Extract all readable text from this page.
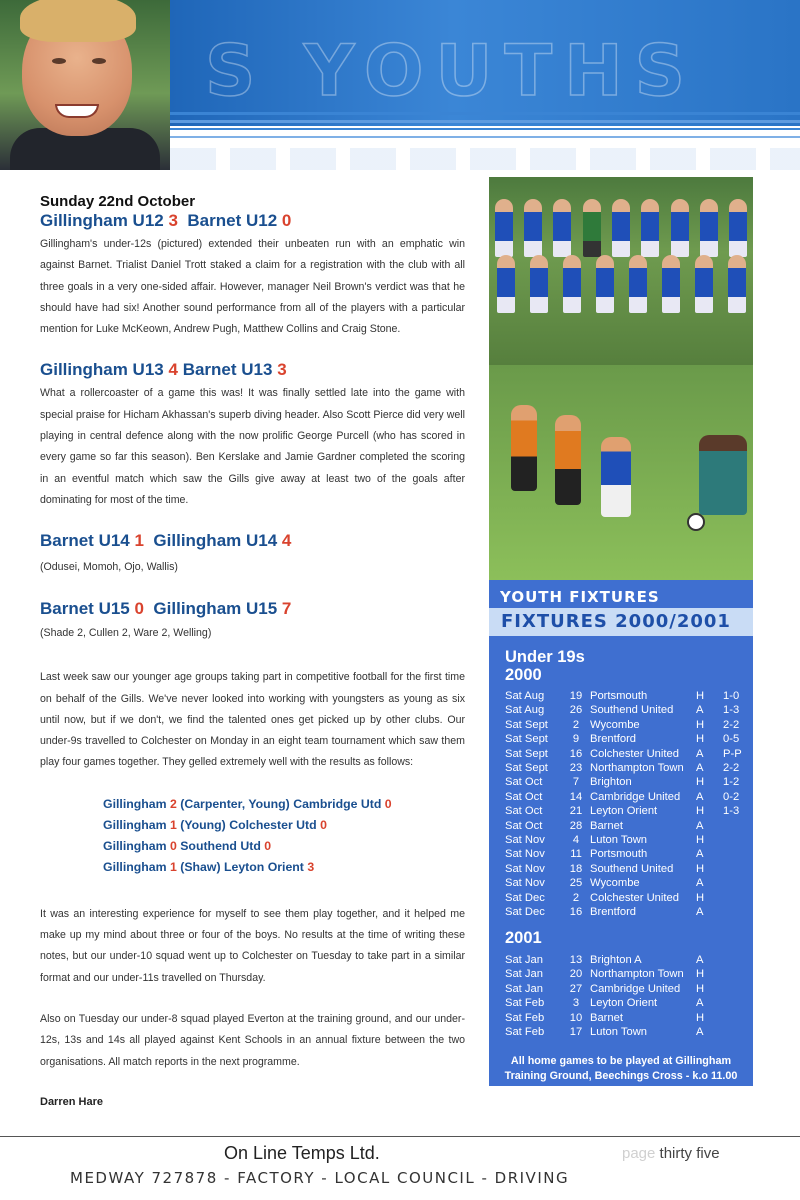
S YOUTHS
Sunday 22nd October
Gillingham U12 3 Barnet U12 0

Gillingham's under-12s (pictured) extended their unbeaten run with an emphatic win against Barnet. Trialist Daniel Trott staked a claim for a registration with the club with all three goals in a very one-sided affair. However, manager Neil Brown's verdict was that he should have had six! Another sound performance from all of the players with a particular mention for Luke McKeown, Andrew Pugh, Matthew Collins and Craig Stone.

Gillingham U13 4 Barnet U13 3

What a rollercoaster of a game this was! It was finally settled late into the game with special praise for Hicham Akhassan's superb diving header. Also Scott Pierce did very well playing in central defence along with the now prolific George Purcell (who has scored in every game so far this season). Ben Kerslake and Jamie Gardner completed the scoring in an eventful match which saw the Gills give away at least two of the goals after dominating for most of the time.

Barnet U14 1 Gillingham U14 4

(Odusei, Momoh, Ojo, Wallis)

Barnet U15 0 Gillingham U15 7

(Shade 2, Cullen 2, Ware 2, Welling)

Last week saw our younger age groups taking part in competitive football for the first time on behalf of the Gills. We've never looked into working with youngsters as young as six until now, but if we don't, we find the talented ones get picked up by other clubs. Our under-9s travelled to Colchester on Monday in an eight team tournament which saw them play four games together. They gelled extremely well with the results as follows:

Gillingham 2 (Carpenter, Young) Cambridge Utd 0
Gillingham 1 (Young) Colchester Utd 0
Gillingham 0 Southend Utd 0
Gillingham 1 (Shaw) Leyton Orient 3

It was an interesting experience for myself to see them play together, and it helped me make up my mind about three or four of the boys. No results at the time of writing these notes, but our under-10 squad went up to Colchester on Tuesday to take part in a similar format and our under-11s travelled on Thursday.

Also on Tuesday our under-8 squad played Everton at the training ground, and our under-12s, 13s and 14s all played against Kent Schools in an annual fixture between the two organisations. All match reports in the next programme.

Darren Hare

YOUTH FIXTURES
FIXTURES 2000/2001
Under 19s
2000
Sat Aug	19	Portsmouth	H	1-0
Sat Aug	26	Southend United	A	1-3
Sat Sept	2	Wycombe	H	2-2
Sat Sept	9	Brentford	H	0-5
Sat Sept	16	Colchester United	A	P-P
Sat Sept	23	Northampton Town	A	2-2
Sat Oct	7	Brighton	H	1-2
Sat Oct	14	Cambridge United	A	0-2
Sat Oct	21	Leyton Orient	H	1-3
Sat Oct	28	Barnet	A	
Sat Nov	4	Luton Town	H	
Sat Nov	11	Portsmouth	A	
Sat Nov	18	Southend United	H	
Sat Nov	25	Wycombe	A	
Sat Dec	2	Colchester United	H	
Sat Dec	16	Brentford	A	
2001
Sat Jan	13	Brighton A	A	
Sat Jan	20	Northampton Town	H	
Sat Jan	27	Cambridge United	H	
Sat Feb	3	Leyton Orient	A	
Sat Feb	10	Barnet	H	
Sat Feb	17	Luton Town	A	
All home games to be played at Gillingham
Training Ground, Beechings Cross - k.o 11.00
On Line Temps Ltd.
MEDWAY 727878 - FACTORY - LOCAL COUNCIL - DRIVING
page thirty five
